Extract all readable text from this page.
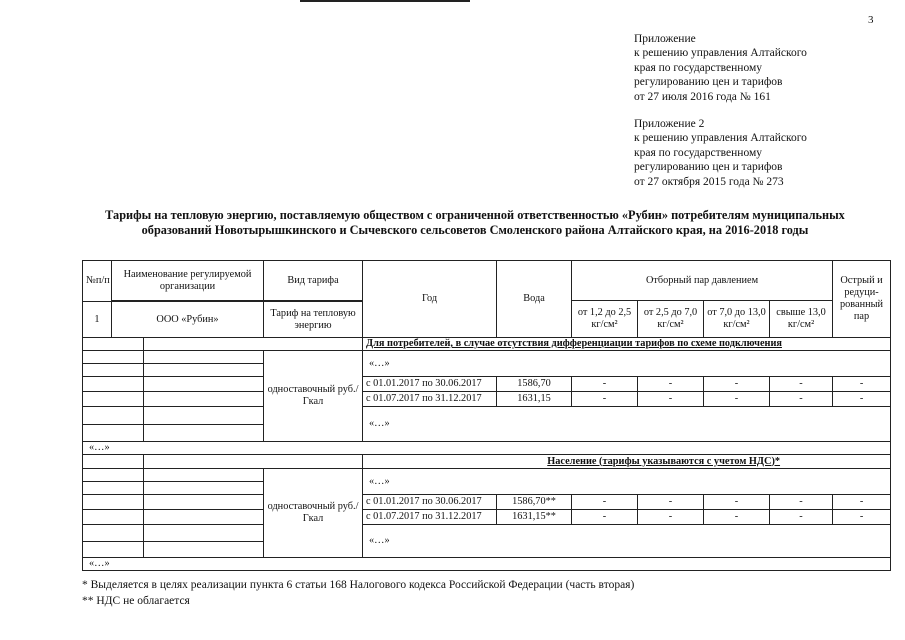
3
Приложение
к решению управления Алтайского
края по государственному
регулированию цен и тарифов
от 27 июля 2016 года № 161
Приложение 2
к решению управления Алтайского
края по государственному
регулированию цен и тарифов
от 27 октября 2015 года № 273
Тарифы на тепловую энергию, поставляемую обществом с ограниченной ответственностью «Рубин» потребителям муниципальных
образований Новотырышкинского и Сычевского сельсоветов Смоленского района Алтайского края, на 2016-2018 годы
№п/п	Наименование регулируемой организации		Вид тарифа	Год	Вода	Отборный пар давлением				Острый и редуци-рованный пар
						от 1,2 до 2,5 кг/см²	от 2,5 до 7,0 кг/см²	от 7,0 до 13,0 кг/см²	свыше 13,0 кг/см²	
1	ООО «Рубин»		Тариф на тепловую энергию							
				Для потребителей, в случае отсутствия дифференциации тарифов по схеме подключения						
			одноставочный руб./Гкал	«…»						

				с 01.01.2017 по 30.06.2017	1586,70	-	-	-	-	-
				с 01.07.2017 по 31.12.2017	1631,15	-	-	-	-	-
				«…»						

«…»										
				Население (тарифы указываются с учетом НДС)*						
			одноставочный руб./Гкал	«…»						

				с 01.01.2017 по 30.06.2017	1586,70**	-	-	-	-	-
				с 01.07.2017 по 31.12.2017	1631,15**	-	-	-	-	-
				«…»						

«…»										
* Выделяется в целях реализации пункта 6 статьи 168 Налогового кодекса Российской Федерации (часть вторая)
** НДС не облагается
